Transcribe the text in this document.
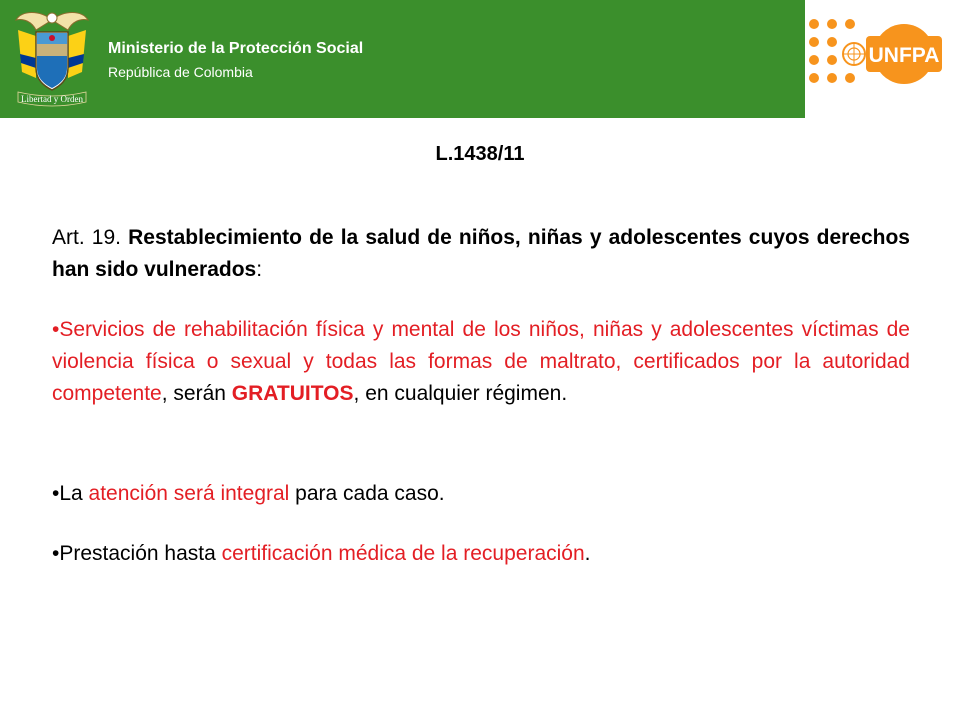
Libertad y Orden
Ministerio de la Protección Social
República de Colombia
UNFPA
L.1438/11

Art. 19. Restablecimiento de la salud de niños, niñas y adolescentes cuyos derechos han sido vulnerados:

•Servicios de rehabilitación física y mental de los niños, niñas y adolescentes víctimas de violencia física o sexual y todas las formas de maltrato, certificados por la autoridad competente, serán GRATUITOS, en cualquier régimen.

•La atención será integral para cada caso.

•Prestación hasta certificación médica de la recuperación.
